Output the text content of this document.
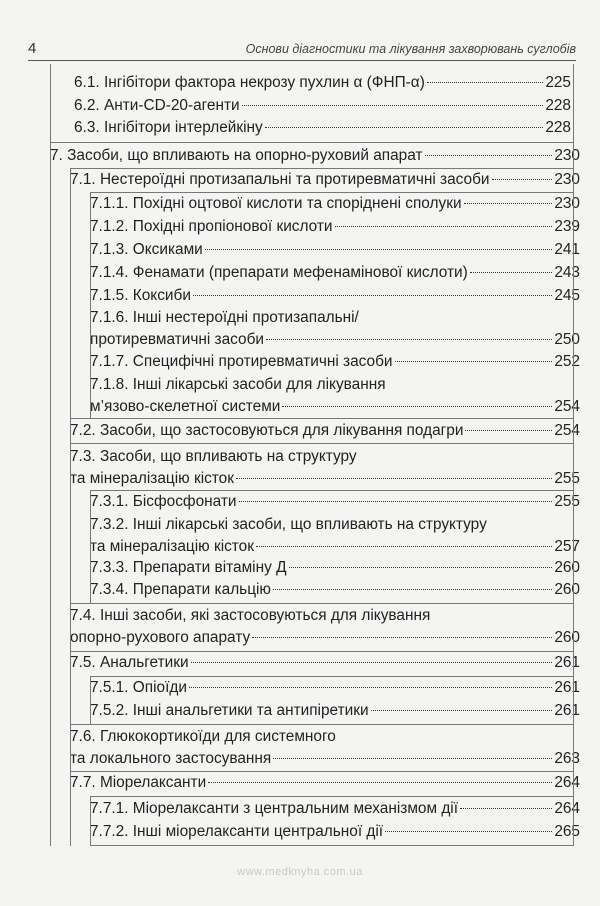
4	Основи діагностики та лікування захворювань суглобів
6.1. Інгібітори фактора некрозу пухлин α (ФНП-α)	225
6.2. Анти-CD-20-агенти	228
6.3. Інгібітори інтерлейкіну	228
7. Засоби, що впливають на опорно-руховий апарат	230
7.1. Нестероїдні протизапальні та протиревматичні засоби	230
7.1.1. Похідні оцтової кислоти та споріднені сполуки	230
7.1.2. Похідні пропіонової кислоти	239
7.1.3. Оксиками	241
7.1.4. Фенамати (препарати мефенамінової кислоти)	243
7.1.5. Коксиби	245
7.1.6. Інші нестероїдні протизапальні/
протиревматичні засоби	250
7.1.7. Специфічні протиревматичні засоби	252
7.1.8. Інші лікарські засоби для лікування
м’язово-скелетної системи	254
7.2. Засоби, що застосовуються для лікування подагри	254
7.3. Засоби, що впливають на структуру
та мінералізацію кісток	255
7.3.1. Бісфосфонати	255
7.3.2. Інші лікарські засоби, що впливають на структуру
та мінералізацію кісток	257
7.3.3. Препарати вітаміну Д	260
7.3.4. Препарати кальцію	260
7.4. Інші засоби, які застосовуються для лікування
опорно-рухового апарату	260
7.5. Анальгетики	261
7.5.1. Опіоїди	261
7.5.2. Інші анальгетики та антипіретики	261
7.6. Глюкокортикоїди для системного
та локального застосування	263
7.7. Міорелаксанти	264
7.7.1. Міорелаксанти з центральним механізмом дії	264
7.7.2. Інші міорелаксанти центральної дії	265
www.medknyha.com.ua
